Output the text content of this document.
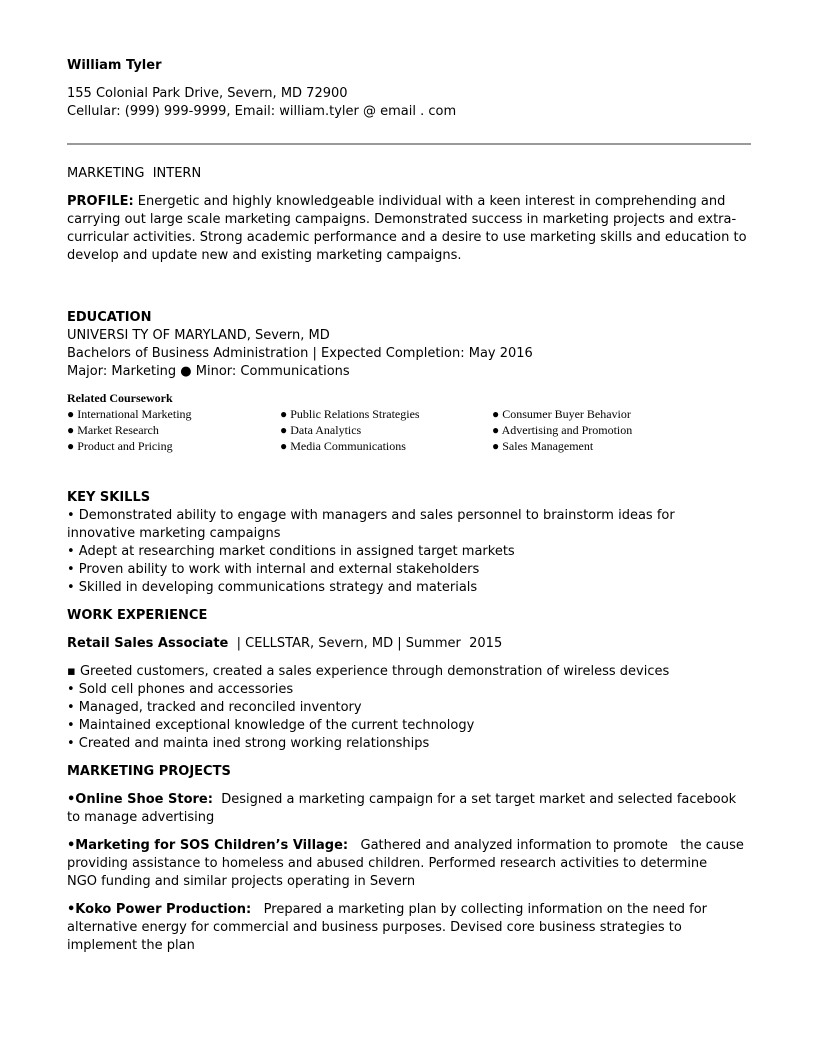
William Tyler
155 Colonial Park Drive, Severn, MD 72900
Cellular: (999) 999-9999, Email: william.tyler @ email . com
MARKETING  INTERN
PROFILE: Energetic and highly knowledgeable individual with a keen interest in comprehending and carrying out large scale marketing campaigns. Demonstrated success in marketing projects and extra-curricular activities. Strong academic performance and a desire to use marketing skills and education to develop and update new and existing marketing campaigns.
EDUCATION
UNIVERSI TY OF MARYLAND, Severn, MD
Bachelors of Business Administration | Expected Completion: May 2016
Major: Marketing ● Minor: Communications
Related Coursework
● International Marketing
● Market Research
● Product and Pricing
● Public Relations Strategies
● Data Analytics
● Media Communications
● Consumer Buyer Behavior
● Advertising and Promotion
● Sales Management
KEY SKILLS
• Demonstrated ability to engage with managers and sales personnel to brainstorm ideas for
innovative marketing campaigns
• Adept at researching market conditions in assigned target markets
• Proven ability to work with internal and external stakeholders
• Skilled in developing communications strategy and materials
WORK EXPERIENCE
Retail Sales Associate  | CELLSTAR, Severn, MD | Summer  2015
▪ Greeted customers, created a sales experience through demonstration of wireless devices
• Sold cell phones and accessories
• Managed, tracked and reconciled inventory
• Maintained exceptional knowledge of the current technology
• Created and mainta ined strong working relationships
MARKETING PROJECTS
•Online Shoe Store:  Designed a marketing campaign for a set target market and selected facebook
to manage advertising
•Marketing for SOS Children’s Village:   Gathered and analyzed information to promote   the cause
providing assistance to homeless and abused children. Performed research activities to determine
NGO funding and similar projects operating in Severn
•Koko Power Production:   Prepared a marketing plan by collecting information on the need for
alternative energy for commercial and business purposes. Devised core business strategies to
implement the plan
